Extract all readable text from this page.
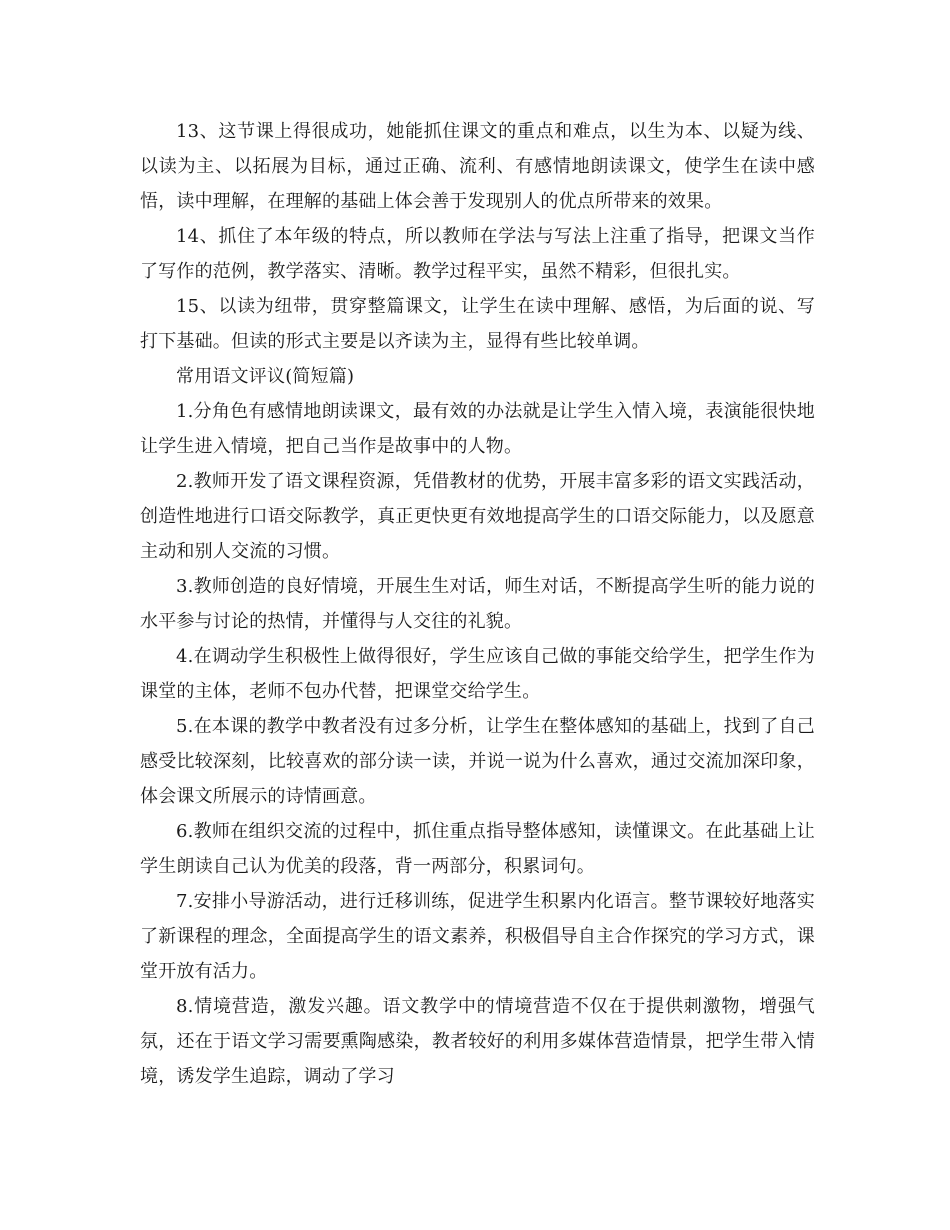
13、这节课上得很成功，她能抓住课文的重点和难点，以生为本、以疑为线、以读为主、以拓展为目标，通过正确、流利、有感情地朗读课文，使学生在读中感悟，读中理解，在理解的基础上体会善于发现别人的优点所带来的效果。

14、抓住了本年级的特点，所以教师在学法与写法上注重了指导，把课文当作了写作的范例，教学落实、清晰。教学过程平实，虽然不精彩，但很扎实。

15、以读为纽带，贯穿整篇课文，让学生在读中理解、感悟，为后面的说、写打下基础。但读的形式主要是以齐读为主，显得有些比较单调。

常用语文评议(简短篇)

1.分角色有感情地朗读课文，最有效的办法就是让学生入情入境，表演能很快地让学生进入情境，把自己当作是故事中的人物。

2.教师开发了语文课程资源，凭借教材的优势，开展丰富多彩的语文实践活动，创造性地进行口语交际教学，真正更快更有效地提高学生的口语交际能力，以及愿意主动和别人交流的习惯。

3.教师创造的良好情境，开展生生对话，师生对话，不断提高学生听的能力说的水平参与讨论的热情，并懂得与人交往的礼貌。

4.在调动学生积极性上做得很好，学生应该自己做的事能交给学生，把学生作为课堂的主体，老师不包办代替，把课堂交给学生。

5.在本课的教学中教者没有过多分析，让学生在整体感知的基础上，找到了自己感受比较深刻，比较喜欢的部分读一读，并说一说为什么喜欢，通过交流加深印象，体会课文所展示的诗情画意。

6.教师在组织交流的过程中，抓住重点指导整体感知，读懂课文。在此基础上让学生朗读自己认为优美的段落，背一两部分，积累词句。

7.安排小导游活动，进行迁移训练，促进学生积累内化语言。整节课较好地落实了新课程的理念，全面提高学生的语文素养，积极倡导自主合作探究的学习方式，课堂开放有活力。

8.情境营造，激发兴趣。语文教学中的情境营造不仅在于提供刺激物，增强气氛，还在于语文学习需要熏陶感染，教者较好的利用多媒体营造情景，把学生带入情境，诱发学生追踪，调动了学习
